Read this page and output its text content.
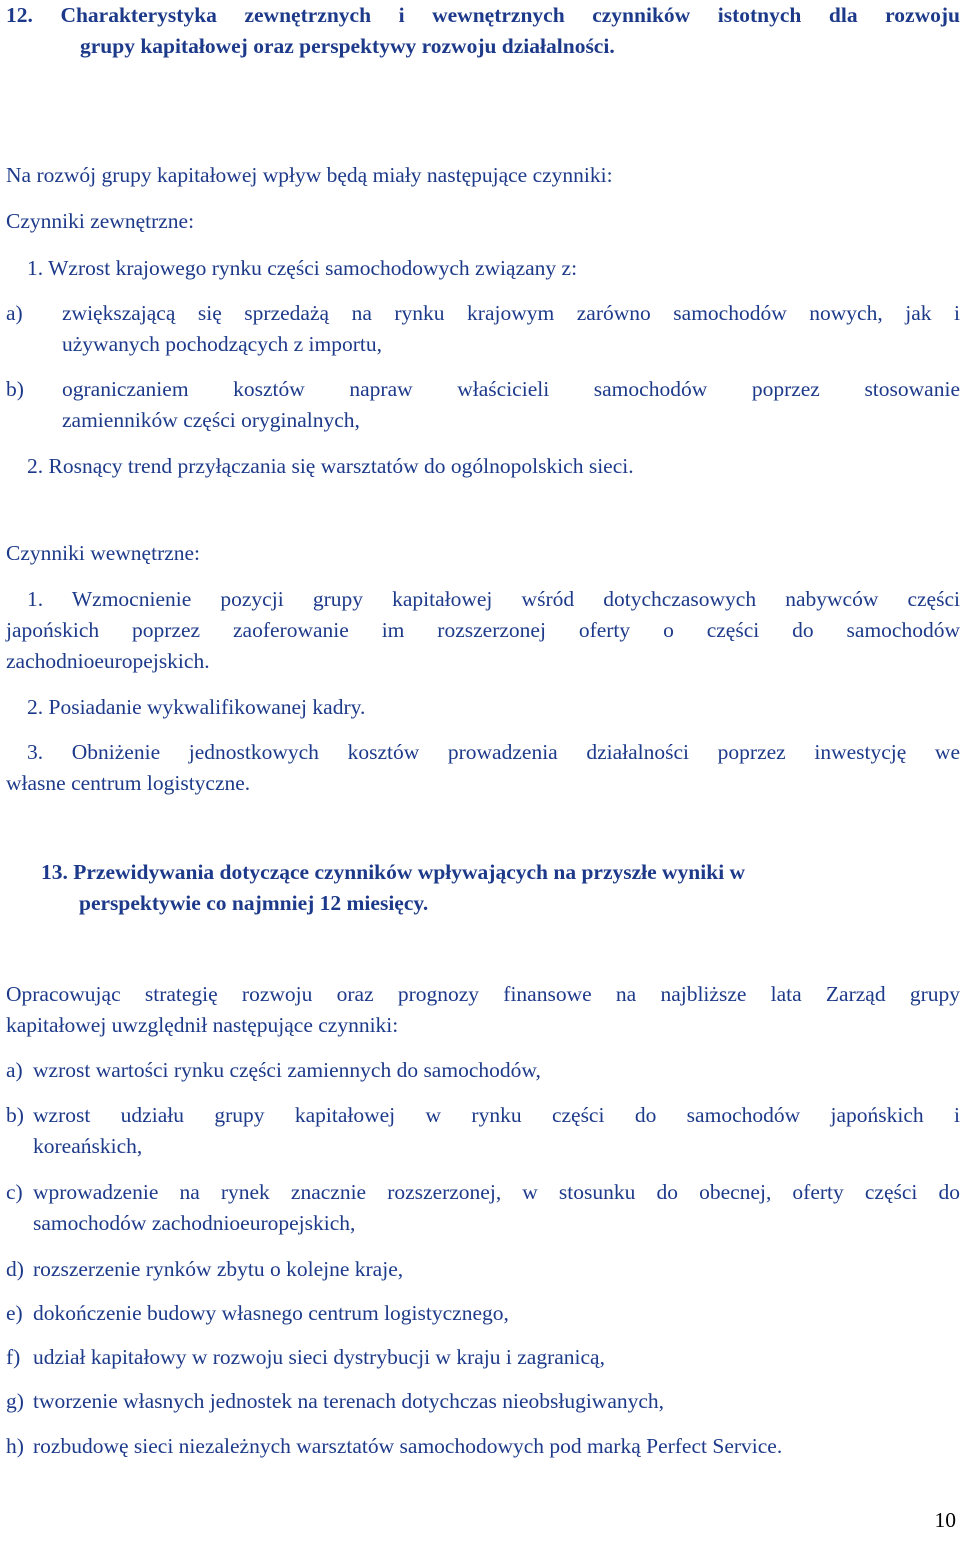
12. Charakterystyka zewnętrznych i wewnętrznych czynników istotnych dla rozwoju
grupy kapitałowej oraz perspektywy rozwoju działalności.

Na rozwój grupy kapitałowej wpływ będą miały następujące czynniki:

Czynniki zewnętrzne:

1. Wzrost krajowego rynku części samochodowych związany z:

a) zwiększającą się sprzedażą na rynku krajowym zarówno samochodów nowych, jak i
używanych pochodzących z importu,
b) ograniczaniem kosztów napraw właścicieli samochodów poprzez stosowanie
zamienników części oryginalnych,

2. Rosnący trend przyłączania się warsztatów do ogólnopolskich sieci.

Czynniki wewnętrzne:

1. Wzmocnienie pozycji grupy kapitałowej wśród dotychczasowych nabywców części
japońskich poprzez zaoferowanie im rozszerzonej oferty o części do samochodów
zachodnioeuropejskich.

2. Posiadanie wykwalifikowanej kadry.

3. Obniżenie jednostkowych kosztów prowadzenia działalności poprzez inwestycję we
własne centrum logistyczne.
13. Przewidywania dotyczące czynników wpływających na przyszłe wyniki w
perspektywie co najmniej 12 miesięcy.
Opracowując strategię rozwoju oraz prognozy finansowe na najbliższe lata Zarząd grupy
kapitałowej uwzględnił następujące czynniki:
a) wzrost wartości rynku części zamiennych do samochodów,
b) wzrost udziału grupy kapitałowej w rynku części do samochodów japońskich i
koreańskich,
c) wprowadzenie na rynek znacznie rozszerzonej, w stosunku do obecnej, oferty części do
samochodów zachodnioeuropejskich,
d) rozszerzenie rynków zbytu o kolejne kraje,
e) dokończenie budowy własnego centrum logistycznego,
f) udział kapitałowy w rozwoju sieci dystrybucji w kraju i zagranicą,
g) tworzenie własnych jednostek na terenach dotychczas nieobsługiwanych,
h) rozbudowę sieci niezależnych warsztatów samochodowych pod marką Perfect Service.
10
